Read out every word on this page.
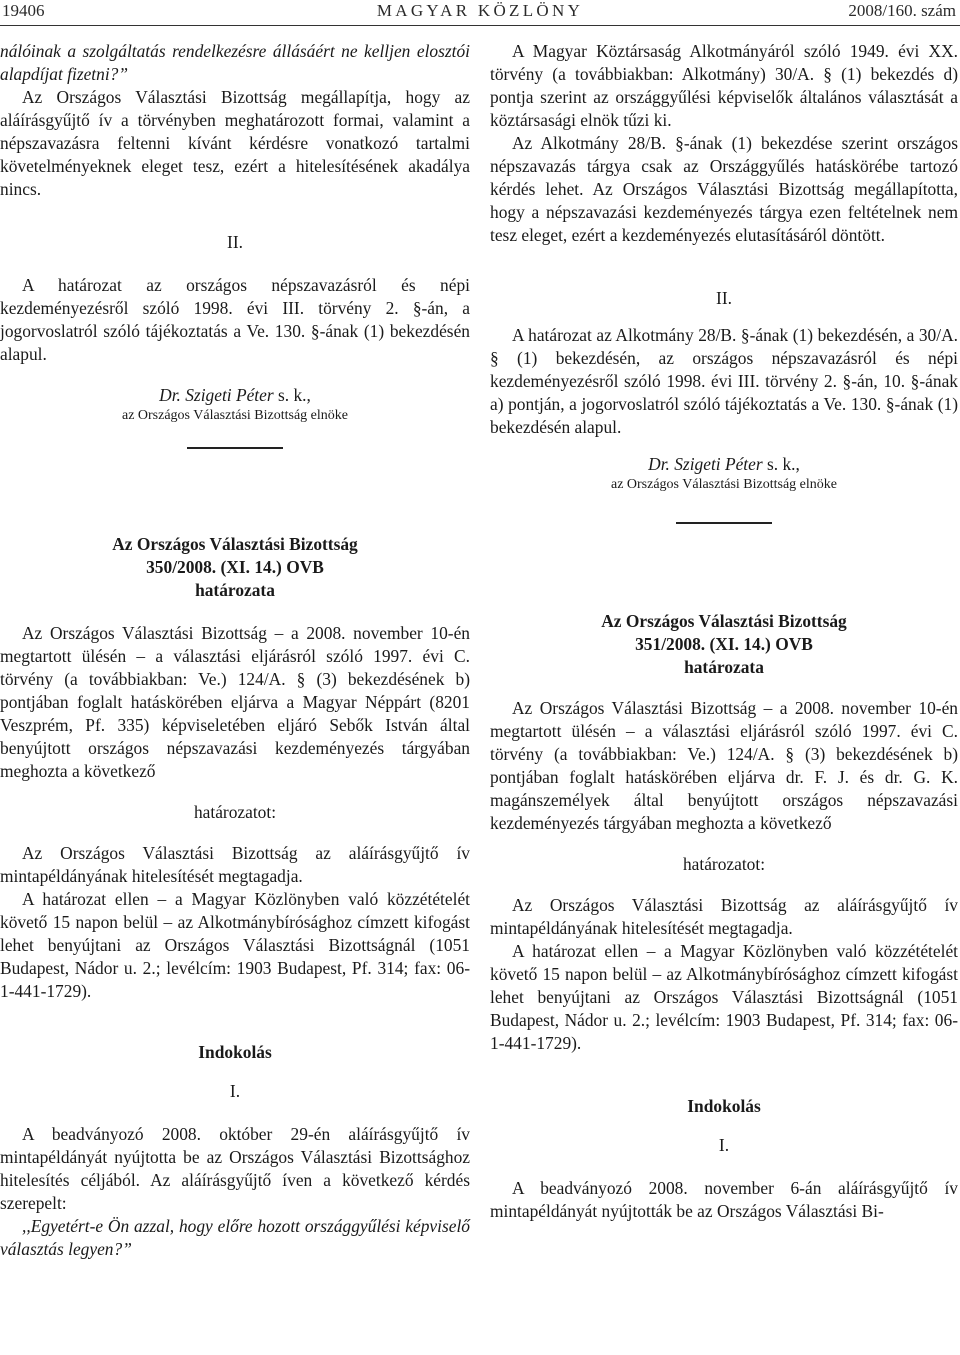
19406	MAGYAR KÖZLÖNY	2008/160. szám

nálóinak a szolgáltatás rendelkezésre állásáért ne kelljen elosztói alapdíjat fizetni?”

Az Országos Választási Bizottság megállapítja, hogy az aláírásgyűjtő ív a törvényben meghatározott formai, valamint a népszavazásra feltenni kívánt kérdésre vonatkozó tartalmi követelményeknek eleget tesz, ezért a hitelesítésének akadálya nincs.

II.

A határozat az országos népszavazásról és népi kezdeményezésről szóló 1998. évi III. törvény 2. §-án, a jogorvoslatról szóló tájékoztatás a Ve. 130. §-ának (1) bekezdésén alapul.

Dr. Szigeti Péter s. k.,

az Országos Választási Bizottság elnöke

Az Országos Választási Bizottság

350/2008. (XI. 14.) OVB

határozata

Az Országos Választási Bizottság – a 2008. november 10-én megtartott ülésén – a választási eljárásról szóló 1997. évi C. törvény (a továbbiakban: Ve.) 124/A. § (3) bekezdésének b) pontjában foglalt hatáskörében eljárva a Magyar Néppárt (8201 Veszprém, Pf. 335) képviseletében eljáró Sebők István által benyújtott országos népszavazási kezdeményezés tárgyában meghozta a következő

határozatot:

Az Országos Választási Bizottság az aláírásgyűjtő ív mintapéldányának hitelesítését megtagadja.

A határozat ellen – a Magyar Közlönyben való közzétételét követő 15 napon belül – az Alkotmánybírósághoz címzett kifogást lehet benyújtani az Országos Választási Bizottságnál (1051 Budapest, Nádor u. 2.; levélcím: 1903 Budapest, Pf. 314; fax: 06-1-441-1729).

Indokolás

I.

A beadványozó 2008. október 29-én aláírásgyűjtő ív mintapéldányát nyújtotta be az Országos Választási Bizottsághoz hitelesítés céljából. Az aláírásgyűjtő íven a következő kérdés szerepelt:

,,Egyetért-e Ön azzal, hogy előre hozott országgyűlési képviselő választás legyen?”

A Magyar Köztársaság Alkotmányáról szóló 1949. évi XX. törvény (a továbbiakban: Alkotmány) 30/A. § (1) bekezdés d) pontja szerint az országgyűlési képviselők általános választását a köztársasági elnök tűzi ki.

Az Alkotmány 28/B. §-ának (1) bekezdése szerint országos népszavazás tárgya csak az Országgyűlés hatáskörébe tartozó kérdés lehet. Az Országos Választási Bizottság megállapította, hogy a népszavazási kezdeményezés tárgya ezen feltételnek nem tesz eleget, ezért a kezdeményezés elutasításáról döntött.

II.

A határozat az Alkotmány 28/B. §-ának (1) bekezdésén, a 30/A. § (1) bekezdésén, az országos népszavazásról és népi kezdeményezésről szóló 1998. évi III. törvény 2. §-án, 10. §-ának a) pontján, a jogorvoslatról szóló tájékoztatás a Ve. 130. §-ának (1) bekezdésén alapul.

Dr. Szigeti Péter s. k.,

az Országos Választási Bizottság elnöke

Az Országos Választási Bizottság

351/2008. (XI. 14.) OVB

határozata

Az Országos Választási Bizottság – a 2008. november 10-én megtartott ülésén – a választási eljárásról szóló 1997. évi C. törvény (a továbbiakban: Ve.) 124/A. § (3) bekezdésének b) pontjában foglalt hatáskörében eljárva dr. F. J. és dr. G. K. magánszemélyek által benyújtott országos népszavazási kezdeményezés tárgyában meghozta a következő

határozatot:

Az Országos Választási Bizottság az aláírásgyűjtő ív mintapéldányának hitelesítését megtagadja.

A határozat ellen – a Magyar Közlönyben való közzétételét követő 15 napon belül – az Alkotmánybírósághoz címzett kifogást lehet benyújtani az Országos Választási Bizottságnál (1051 Budapest, Nádor u. 2.; levélcím: 1903 Budapest, Pf. 314; fax: 06-1-441-1729).

Indokolás

I.

A beadványozó 2008. november 6-án aláírásgyűjtő ív mintapéldányát nyújtották be az Országos Választási Bi-
